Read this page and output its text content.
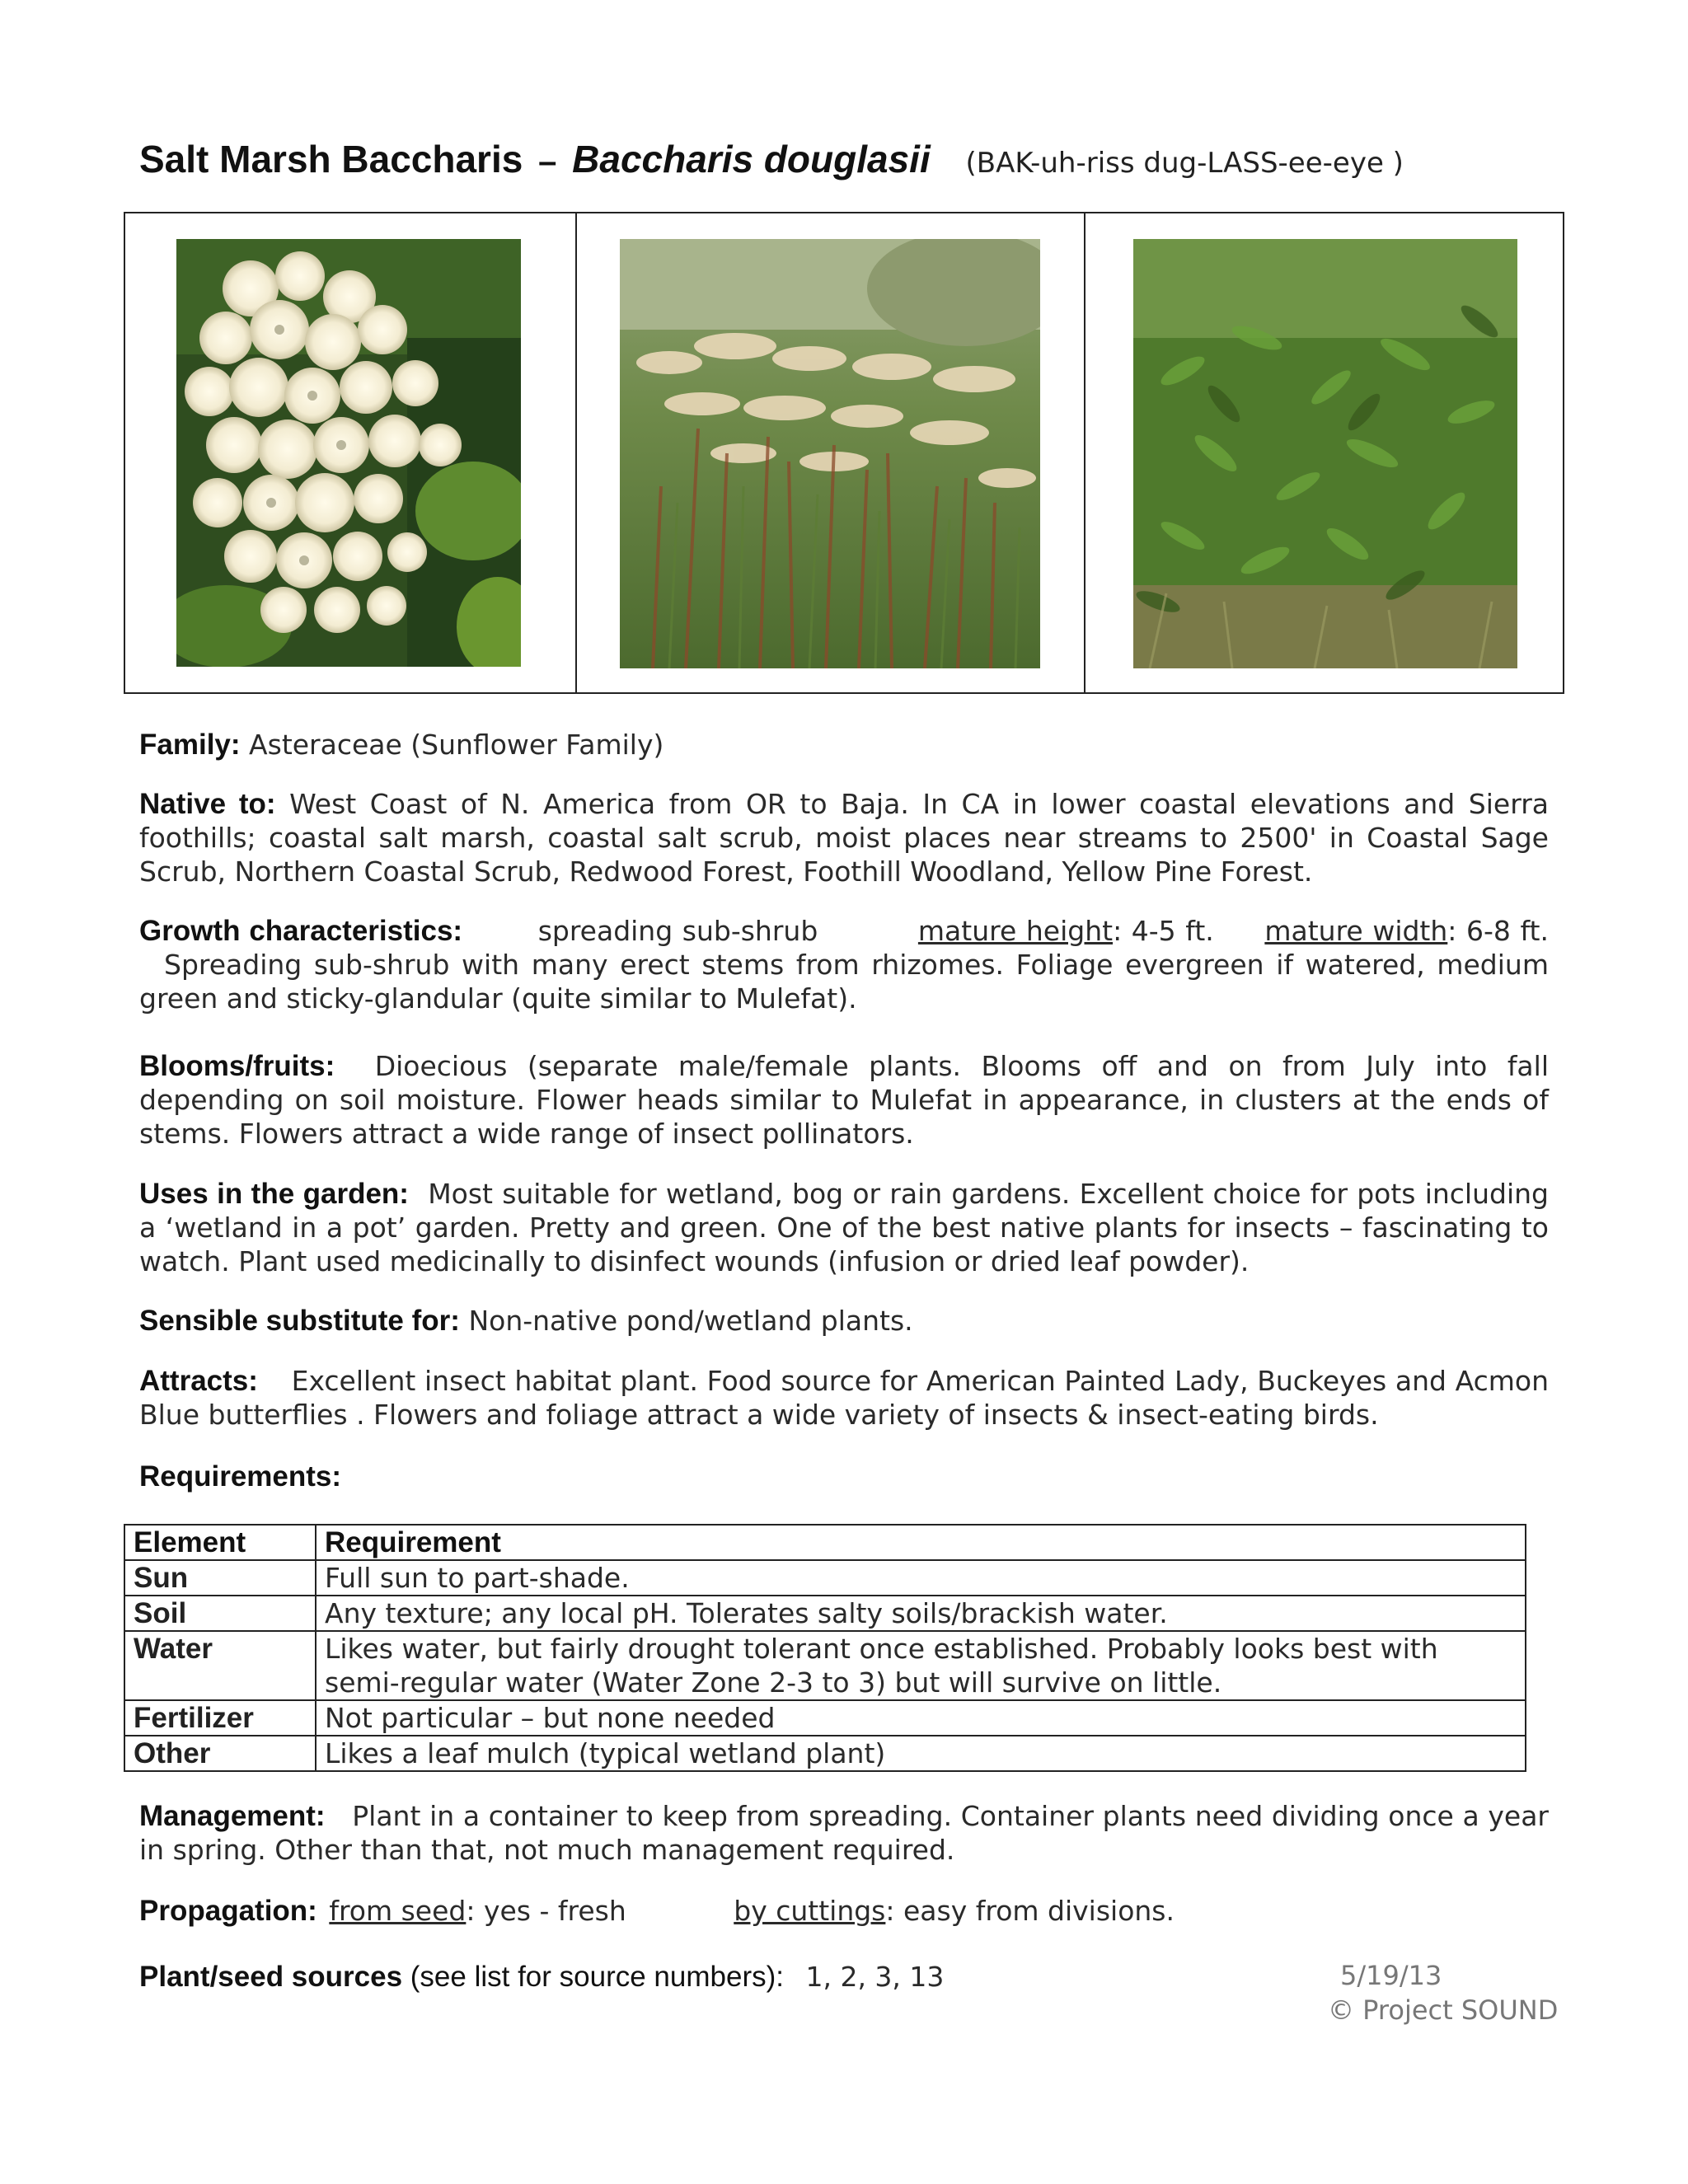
Salt Marsh Baccharis – Baccharis douglasii (BAK-uh-riss dug-LASS-ee-eye )

Family: Asteraceae (Sunflower Family)

Native to: West Coast of N. America from OR to Baja. In CA in lower coastal elevations and Sierra foothills; coastal salt marsh, coastal salt scrub, moist places near streams to 2500' in Coastal Sage Scrub, Northern Coastal Scrub, Redwood Forest, Foothill Woodland, Yellow Pine Forest.

Growth characteristics:	spreading sub-shrub	mature height: 4-5 ft. mature width: 6-8 ft. Spreading sub-shrub with many erect stems from rhizomes. Foliage evergreen if watered, medium green and sticky-glandular (quite similar to Mulefat).

Blooms/fruits: Dioecious (separate male/female plants. Blooms off and on from July into fall depending on soil moisture. Flower heads similar to Mulefat in appearance, in clusters at the ends of stems. Flowers attract a wide range of insect pollinators.

Uses in the garden: Most suitable for wetland, bog or rain gardens. Excellent choice for pots including a ‘wetland in a pot’ garden. Pretty and green. One of the best native plants for insects – fascinating to watch. Plant used medicinally to disinfect wounds (infusion or dried leaf powder).

Sensible substitute for: Non-native pond/wetland plants.

Attracts: Excellent insect habitat plant. Food source for American Painted Lady, Buckeyes and Acmon Blue butterflies . Flowers and foliage attract a wide variety of insects & insect-eating birds.

Requirements:

Element	Requirement
Sun	Full sun to part-shade.
Soil	Any texture; any local pH. Tolerates salty soils/brackish water.
Water	Likes water, but fairly drought tolerant once established. Probably looks best with semi-regular water (Water Zone 2-3 to 3) but will survive on little.
Fertilizer	Not particular – but none needed
Other	Likes a leaf mulch (typical wetland plant)

Management: Plant in a container to keep from spreading. Container plants need dividing once a year in spring. Other than that, not much management required.

Propagation: from seed: yes - fresh	by cuttings: easy from divisions.

Plant/seed sources (see list for source numbers): 1, 2, 3, 13	5/19/13
© Project SOUND
